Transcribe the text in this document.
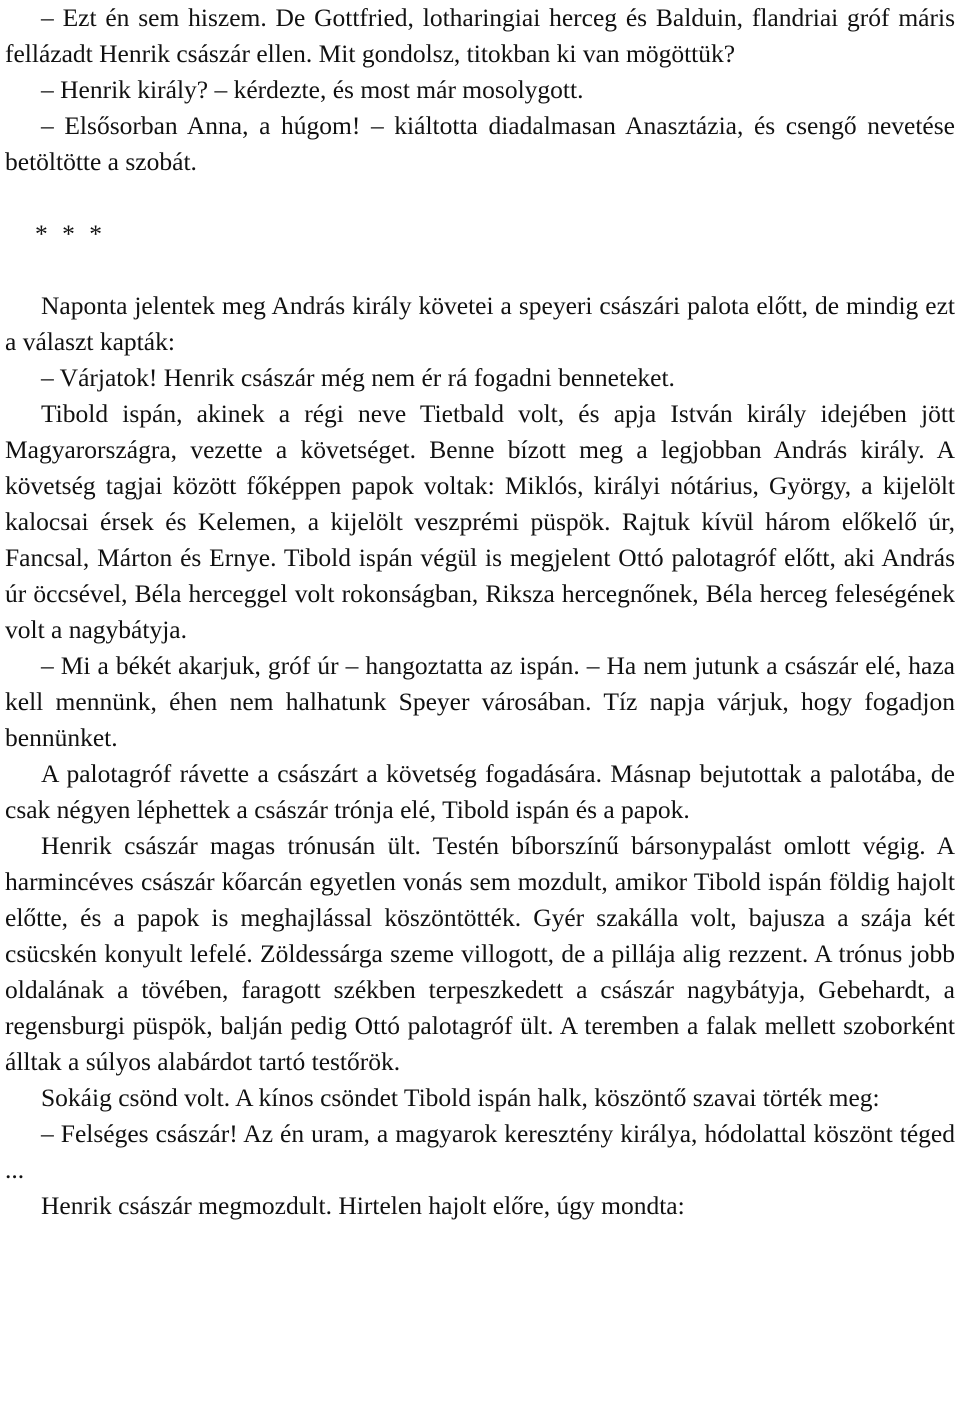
– Ezt én sem hiszem. De Gottfried, lotharingiai herceg és Balduin, flandriai gróf máris fellázadt Henrik császár ellen. Mit gondolsz, titokban ki van mögöttük?

– Henrik király? – kérdezte, és most már mosolygott.

– Elsősorban Anna, a húgom! – kiáltotta diadalmasan Anasztázia, és csengő nevetése betöltötte a szobát.

* * *

Naponta jelentek meg András király követei a speyeri császári palota előtt, de mindig ezt a választ kapták:

– Várjatok! Henrik császár még nem ér rá fogadni benneteket.

Tibold ispán, akinek a régi neve Tietbald volt, és apja István király idejében jött Magyarországra, vezette a követséget. Benne bízott meg a legjobban András király. A követség tagjai között főképpen papok voltak: Miklós, királyi nótárius, György, a kijelölt kalocsai érsek és Kelemen, a kijelölt veszprémi püspök. Rajtuk kívül három előkelő úr, Fancsal, Márton és Ernye. Tibold ispán végül is megjelent Ottó palotagróf előtt, aki András úr öccsével, Béla herceggel volt rokonságban, Riksza hercegnőnek, Béla herceg feleségének volt a nagybátyja.

– Mi a békét akarjuk, gróf úr – hangoztatta az ispán. – Ha nem jutunk a császár elé, haza kell mennünk, éhen nem halhatunk Speyer városában. Tíz napja várjuk, hogy fogadjon bennünket.

A palotagróf rávette a császárt a követség fogadására. Másnap bejutottak a palotába, de csak négyen léphettek a császár trónja elé, Tibold ispán és a papok.

Henrik császár magas trónusán ült. Testén bíborszínű bársonypalást omlott végig. A harmincéves császár kőarcán egyetlen vonás sem mozdult, amikor Tibold ispán földig hajolt előtte, és a papok is meghajlással köszöntötték. Gyér szakálla volt, bajusza a szája két csücskén konyult lefelé. Zöldessárga szeme villogott, de a pillája alig rezzent. A trónus jobb oldalának a tövében, faragott székben terpeszkedett a császár nagybátyja, Gebehardt, a regensburgi püspök, balján pedig Ottó palotagróf ült. A teremben a falak mellett szoborként álltak a súlyos alabárdot tartó testőrök.

Sokáig csönd volt. A kínos csöndet Tibold ispán halk, köszöntő szavai törték meg:

– Felséges császár! Az én uram, a magyarok keresztény királya, hódolattal köszönt téged ...

Henrik császár megmozdult. Hirtelen hajolt előre, úgy mondta:
